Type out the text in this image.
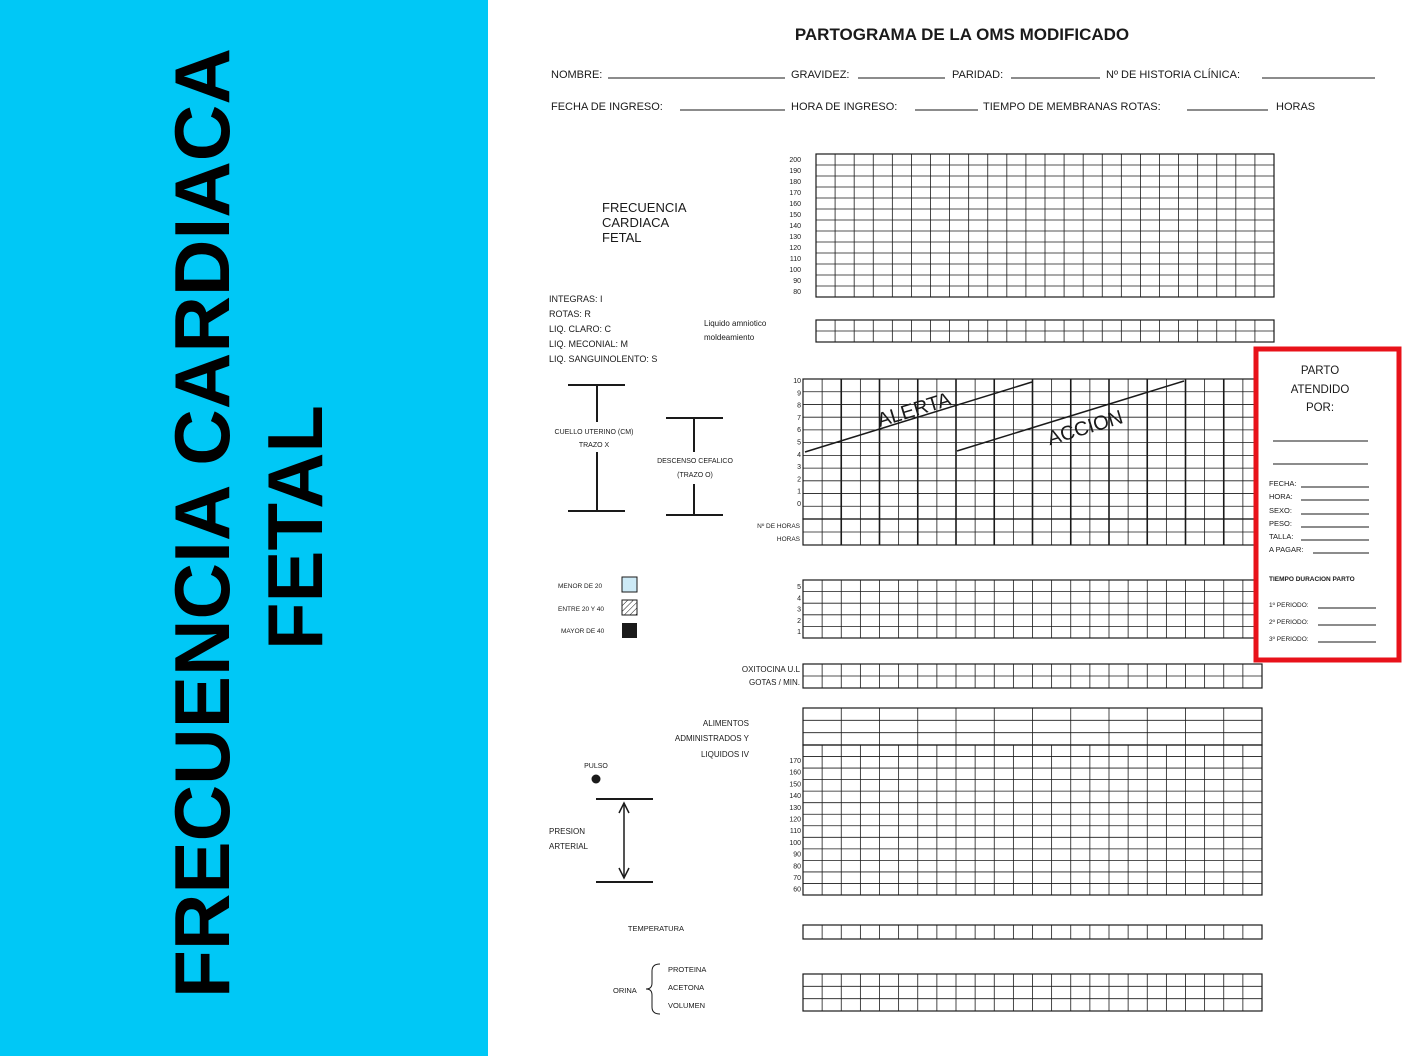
FRECUENCIA CARDIACA FETAL
PARTOGRAMA DE LA OMS MODIFICADO
NOMBRE:	GRAVIDEZ:	PARIDAD:	Nº DE HISTORIA CLÍNICA:
FECHA DE INGRESO:	HORA DE INGRESO:	TIEMPO DE MEMBRANAS ROTAS:	HORAS
FRECUENCIA
CARDIACA
FETAL
200
190
180
170
160
150
140
130
120
110
100
90
80
INTEGRAS: I
ROTAS: R
LIQ. CLARO: C
LIQ. MECONIAL: M
LIQ. SANGUINOLENTO: S
Liquido amniotico
moldeamiento
CUELLO UTERINO (CM)
TRAZO X
DESCENSO CEFALICO
(TRAZO O)
10
9
8
7
6
5
4
3
2
1
0
ALERTA	ACCION
Nº DE HORAS
HORAS
MENOR DE 20
ENTRE 20 Y 40
MAYOR DE 40
5
4
3
2
1
OXITOCINA U.L
GOTAS / MIN.
ALIMENTOS
ADMINISTRADOS Y
LIQUIDOS IV
PULSO
PRESION
ARTERIAL
170
160
150
140
130
120
110
100
90
80
70
60
TEMPERATURA
ORINA
PROTEINA
ACETONA
VOLUMEN
PARTO
ATENDIDO
POR:
FECHA:
HORA:
SEXO:
PESO:
TALLA:
A PAGAR:
TIEMPO DURACION PARTO
1º PERIODO:
2º PERIODO:
3º PERIODO:
